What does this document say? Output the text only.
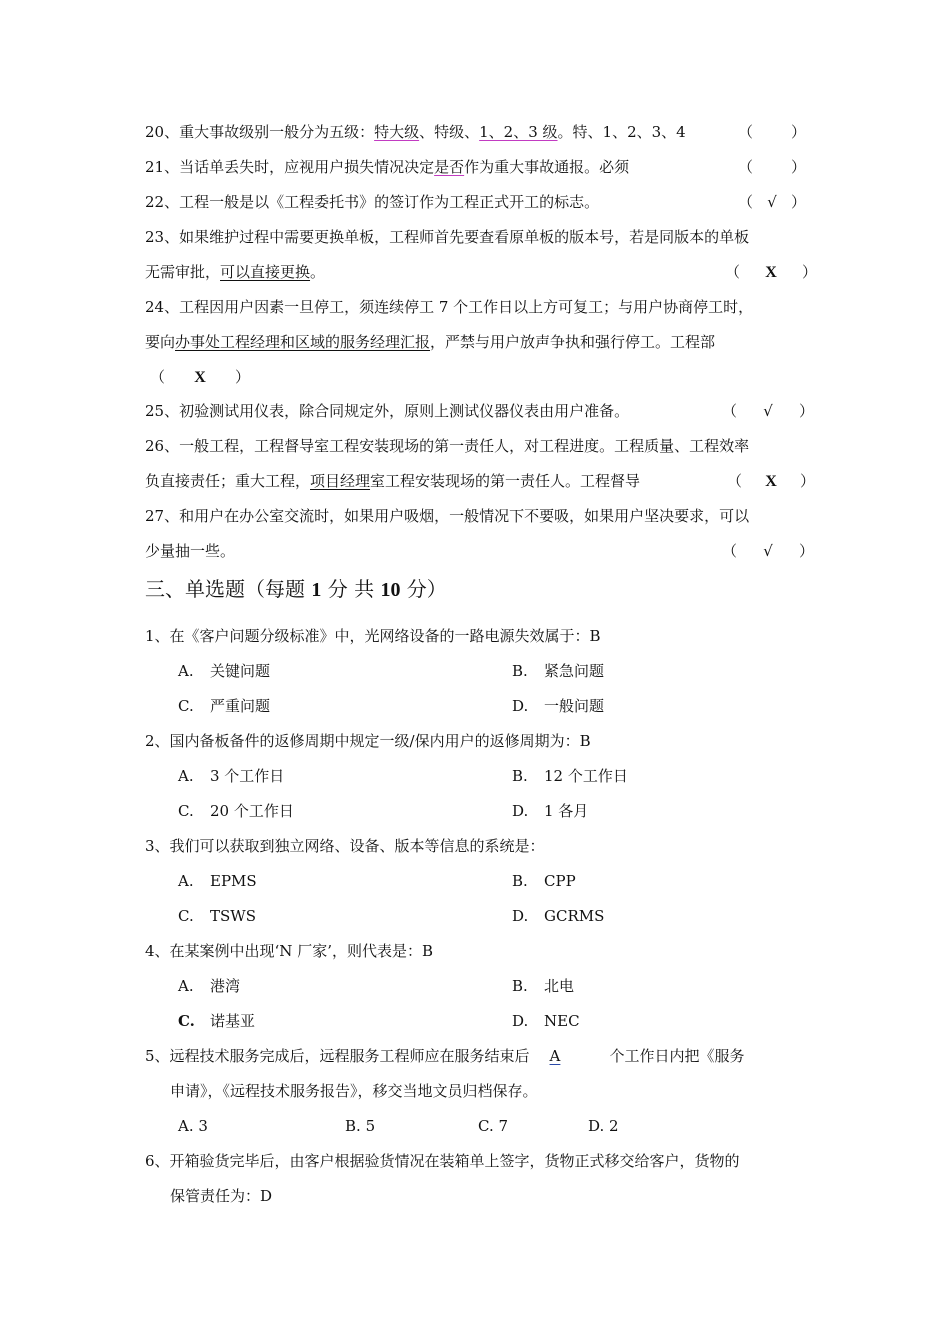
20、重大事故级别一般分为五级：特大级、特级、1、2、3 级。特、1、2、3、4	（	）
21、当话单丢失时，应视用户损失情况决定是否作为重大事故通报。必须	（	）
22、工程一般是以《工程委托书》的签订作为工程正式开工的标志。	（ √ ）
23、如果维护过程中需要更换单板，工程师首先要查看原单板的版本号，若是同版本的单板
无需审批，可以直接更换。	（ X ）
24、工程因用户因素一旦停工，须连续停工 7 个工作日以上方可复工；与用户协商停工时，
要向办事处工程经理和区域的服务经理汇报，严禁与用户放声争执和强行停工。工程部
（ X ）
25、初验测试用仪表，除合同规定外，原则上测试仪器仪表由用户准备。	（ √ ）
26、一般工程，工程督导室工程安装现场的第一责任人，对工程进度。工程质量、工程效率
负直接责任；重大工程，项目经理室工程安装现场的第一责任人。工程督导	（ X ）
27、和用户在办公室交流时，如果用户吸烟，一般情况下不要吸，如果用户坚决要求，可以
少量抽一些。	（ √ ）
三、单选题（每题 1 分 共 10 分）
1、在《客户问题分级标准》中，光网络设备的一路电源失效属于：B
A. 关键问题	B. 紧急问题
C. 严重问题	D. 一般问题
2、国内备板备件的返修周期中规定一级/保内用户的返修周期为：B
A. 3 个工作日	B. 12 个工作日
C. 20 个工作日	D. 1 各月
3、我们可以获取到独立网络、设备、版本等信息的系统是：
A. EPMS	B. CPP
C. TSWS	D. GCRMS
4、在某案例中出现‘N 厂家’，则代表是：B
A. 港湾	B. 北电
C. 诺基亚	D. NEC
5、远程技术服务完成后，远程服务工程师应在服务结束后 A	个工作日内把《服务
申请》，《远程技术服务报告》，移交当地文员归档保存。
A. 3	B. 5	C. 7	D. 2
6、开箱验货完毕后，由客户根据验货情况在装箱单上签字，货物正式移交给客户，货物的
保管责任为：D
